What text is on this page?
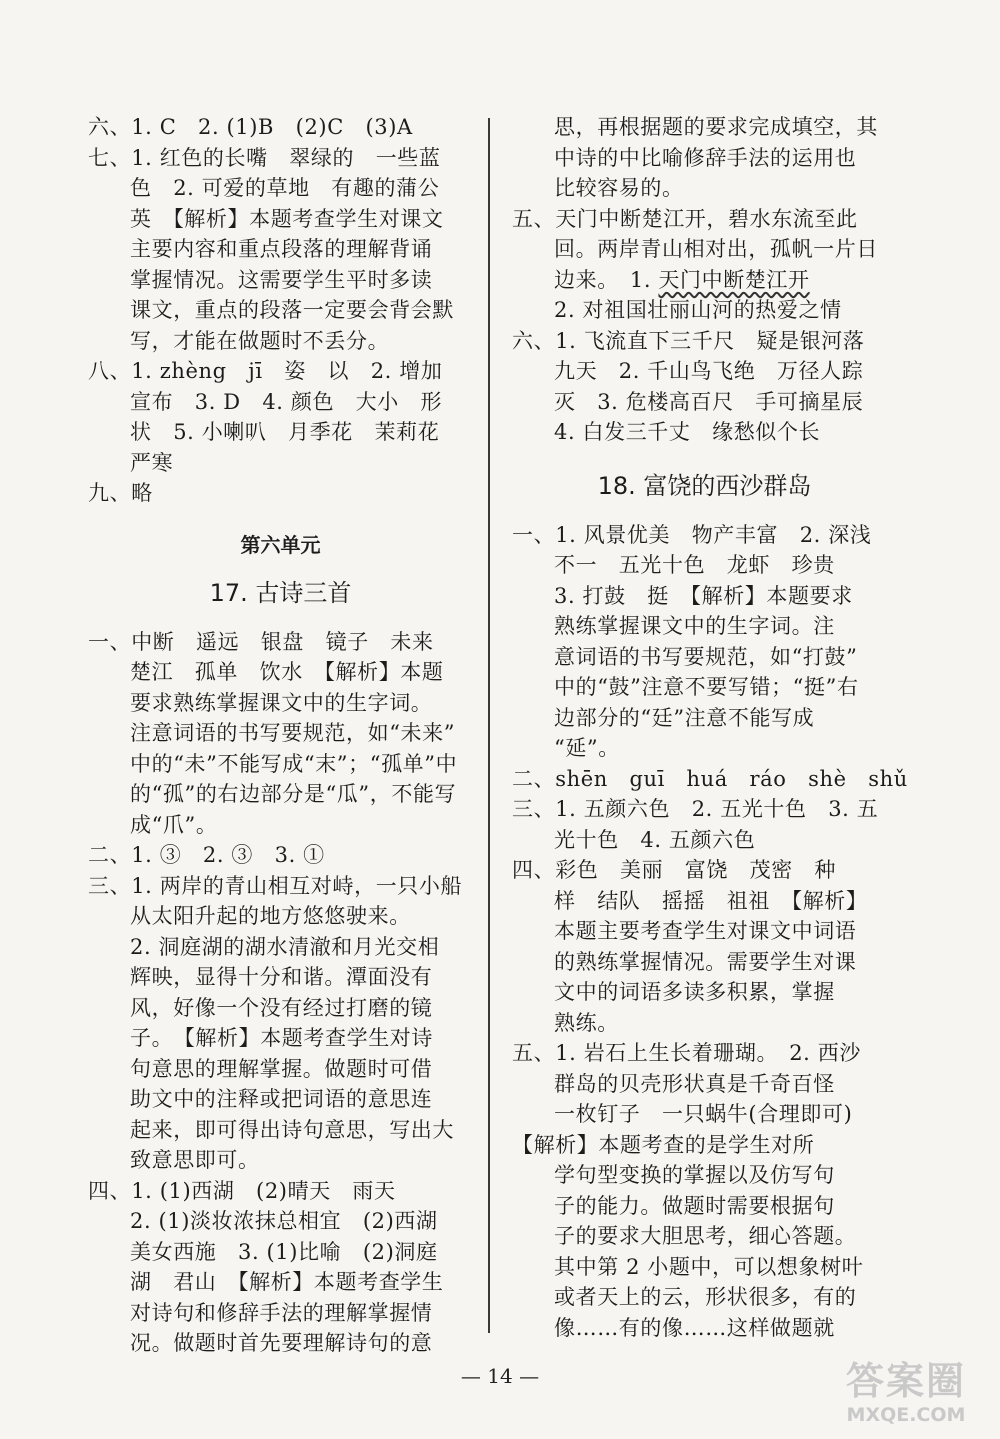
六、1. C　2. (1)B　(2)C　(3)A
七、1. 红色的长嘴　翠绿的　一些蓝
色　2. 可爱的草地　有趣的蒲公
英　【解析】本题考查学生对课文
主要内容和重点段落的理解背诵
掌握情况。这需要学生平时多读
课文，重点的段落一定要会背会默
写，才能在做题时不丢分。
八、1. zhèng　jī　姿　以　2. 增加
宣布　3. D　4. 颜色　大小　形
状　5. 小喇叭　月季花　茉莉花
严寒
九、略
第六单元
17. 古诗三首
一、中断　遥远　银盘　镜子　未来
楚江　孤单　饮水　【解析】本题
要求熟练掌握课文中的生字词。
注意词语的书写要规范，如“未来”
中的“未”不能写成“末”；“孤单”中
的“孤”的右边部分是“瓜”，不能写
成“爪”。
二、1. ③　2. ③　3. ①
三、1. 两岸的青山相互对峙，一只小船
从太阳升起的地方悠悠驶来。
2. 洞庭湖的湖水清澈和月光交相
辉映，显得十分和谐。潭面没有
风，好像一个没有经过打磨的镜
子。　【解析】本题考查学生对诗
句意思的理解掌握。做题时可借
助文中的注释或把词语的意思连
起来，即可得出诗句意思，写出大
致意思即可。
四、1. (1)西湖　(2)晴天　雨天
2. (1)淡妆浓抹总相宜　(2)西湖
美女西施　3. (1)比喻　(2)洞庭
湖　君山　【解析】本题考查学生
对诗句和修辞手法的理解掌握情
况。做题时首先要理解诗句的意
思，再根据题的要求完成填空，其
中诗的中比喻修辞手法的运用也
比较容易的。
五、天门中断楚江开，碧水东流至此
回。两岸青山相对出，孤帆一片日
边来。　1. 天门中断楚江开
2. 对祖国壮丽山河的热爱之情
六、1. 飞流直下三千尺　疑是银河落
九天　2. 千山鸟飞绝　万径人踪
灭　3. 危楼高百尺　手可摘星辰
4. 白发三千丈　缘愁似个长
18. 富饶的西沙群岛
一、1. 风景优美　物产丰富　2. 深浅
不一　五光十色　龙虾　珍贵
3. 打鼓　挺　【解析】本题要求
熟练掌握课文中的生字词。注
意词语的书写要规范，如“打鼓”
中的“鼓”注意不要写错；“挺”右
边部分的“廷”注意不能写成
“延”。
二、shēn　guī　huá　ráo　shè　shǔ
三、1. 五颜六色　2. 五光十色　3. 五
光十色　4. 五颜六色
四、彩色　美丽　富饶　茂密　种
样　结队　摇摇　祖祖　【解析】
本题主要考查学生对课文中词语
的熟练掌握情况。需要学生对课
文中的词语多读多积累，掌握
熟练。
五、1. 岩石上生长着珊瑚。　2. 西沙
群岛的贝壳形状真是千奇百怪
一枚钉子　一只蜗牛(合理即可)
【解析】本题考查的是学生对所
学句型变换的掌握以及仿写句
子的能力。做题时需要根据句
子的要求大胆思考，细心答题。
其中第 2 小题中，可以想象树叶
或者天上的云，形状很多，有的
像……有的像……这样做题就
— 14 —	答案圈
MXQE.COM
